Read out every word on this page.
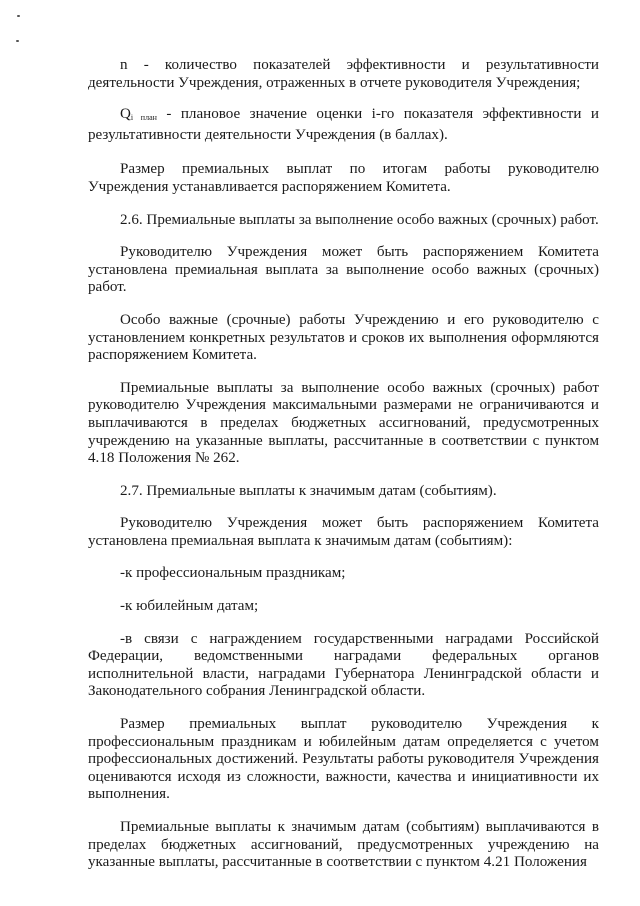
n - количество показателей эффективности и результативности деятельности Учреждения, отраженных в отчете руководителя Учреждения;

$Q_{i план}$ - плановое значение оценки i-го показателя эффективности и результативности деятельности Учреждения (в баллах).

Размер премиальных выплат по итогам работы руководителю Учреждения устанавливается распоряжением Комитета.

2.6. Премиальные выплаты за выполнение особо важных (срочных) работ.

Руководителю Учреждения может быть распоряжением Комитета установлена премиальная выплата за выполнение особо важных (срочных) работ.

Особо важные (срочные) работы Учреждению и его руководителю с установлением конкретных результатов и сроков их выполнения оформляются распоряжением Комитета.

Премиальные выплаты за выполнение особо важных (срочных) работ руководителю Учреждения максимальными размерами не ограничиваются и выплачиваются в пределах бюджетных ассигнований, предусмотренных учреждению на указанные выплаты, рассчитанные в соответствии с пунктом 4.18 Положения № 262.

2.7. Премиальные выплаты к значимым датам (событиям).

Руководителю Учреждения может быть распоряжением Комитета установлена премиальная выплата к значимым датам (событиям):

-к профессиональным праздникам;

-к юбилейным датам;

-в связи с награждением государственными наградами Российской Федерации, ведомственными наградами федеральных органов исполнительной власти, наградами Губернатора Ленинградской области и Законодательного собрания Ленинградской области.

Размер премиальных выплат руководителю Учреждения к профессиональным праздникам и юбилейным датам определяется с учетом профессиональных достижений. Результаты работы руководителя Учреждения оцениваются исходя из сложности, важности, качества и инициативности их выполнения.

Премиальные выплаты к значимым датам (событиям) выплачиваются в пределах бюджетных ассигнований, предусмотренных учреждению на указанные выплаты, рассчитанные в соответствии с пунктом 4.21 Положения
